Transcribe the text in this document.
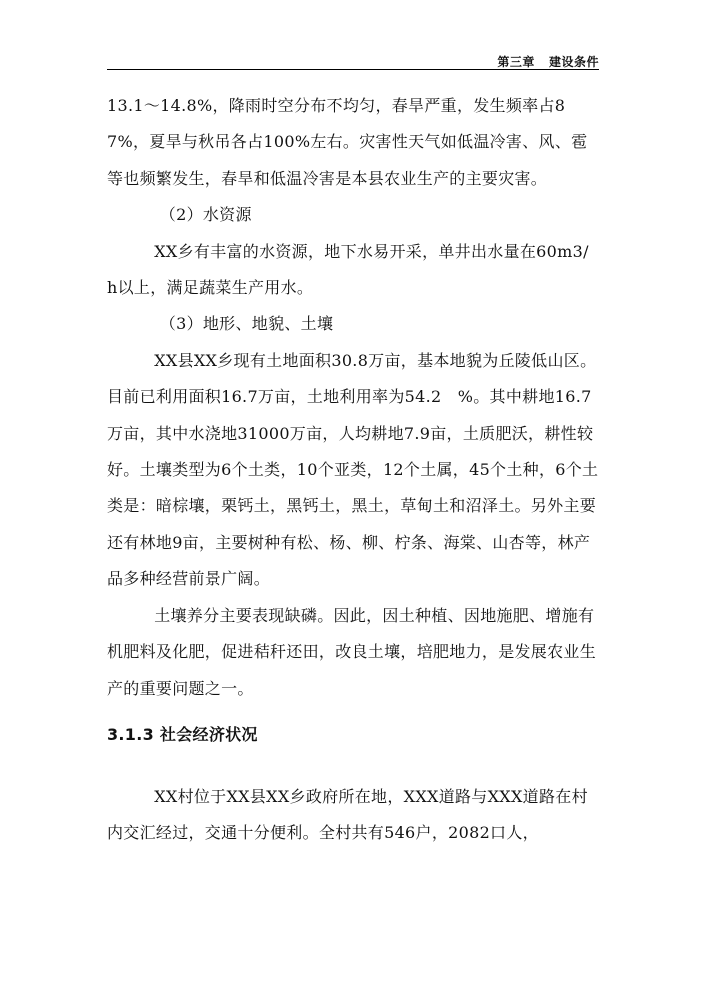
第三章 建设条件

13.1～14.8%，降雨时空分布不均匀，春旱严重，发生频率占87%，夏旱与秋吊各占100%左右。灾害性天气如低温冷害、风、雹等也频繁发生，春旱和低温冷害是本县农业生产的主要灾害。

（2）水资源

XX乡有丰富的水资源，地下水易开采，单井出水量在60m3/h以上，满足蔬菜生产用水。

（3）地形、地貌、土壤

XX县XX乡现有土地面积30.8万亩，基本地貌为丘陵低山区。目前已利用面积16.7万亩，土地利用率为54.2　%。其中耕地16.7万亩，其中水浇地31000万亩，人均耕地7.9亩，土质肥沃，耕性较好。土壤类型为6个土类，10个亚类，12个土属，45个土种，6个土类是：暗棕壤，栗钙土，黑钙土，黑土，草甸土和沼泽土。另外主要还有林地9亩，主要树种有松、杨、柳、柠条、海棠、山杏等，林产品多种经营前景广阔。

土壤养分主要表现缺磷。因此，因土种植、因地施肥、增施有机肥料及化肥，促进秸秆还田，改良土壤，培肥地力，是发展农业生产的重要问题之一。

3.1.3 社会经济状况

XX村位于XX县XX乡政府所在地，XXX道路与XXX道路在村内交汇经过，交通十分便利。全村共有546户，2082口人，
